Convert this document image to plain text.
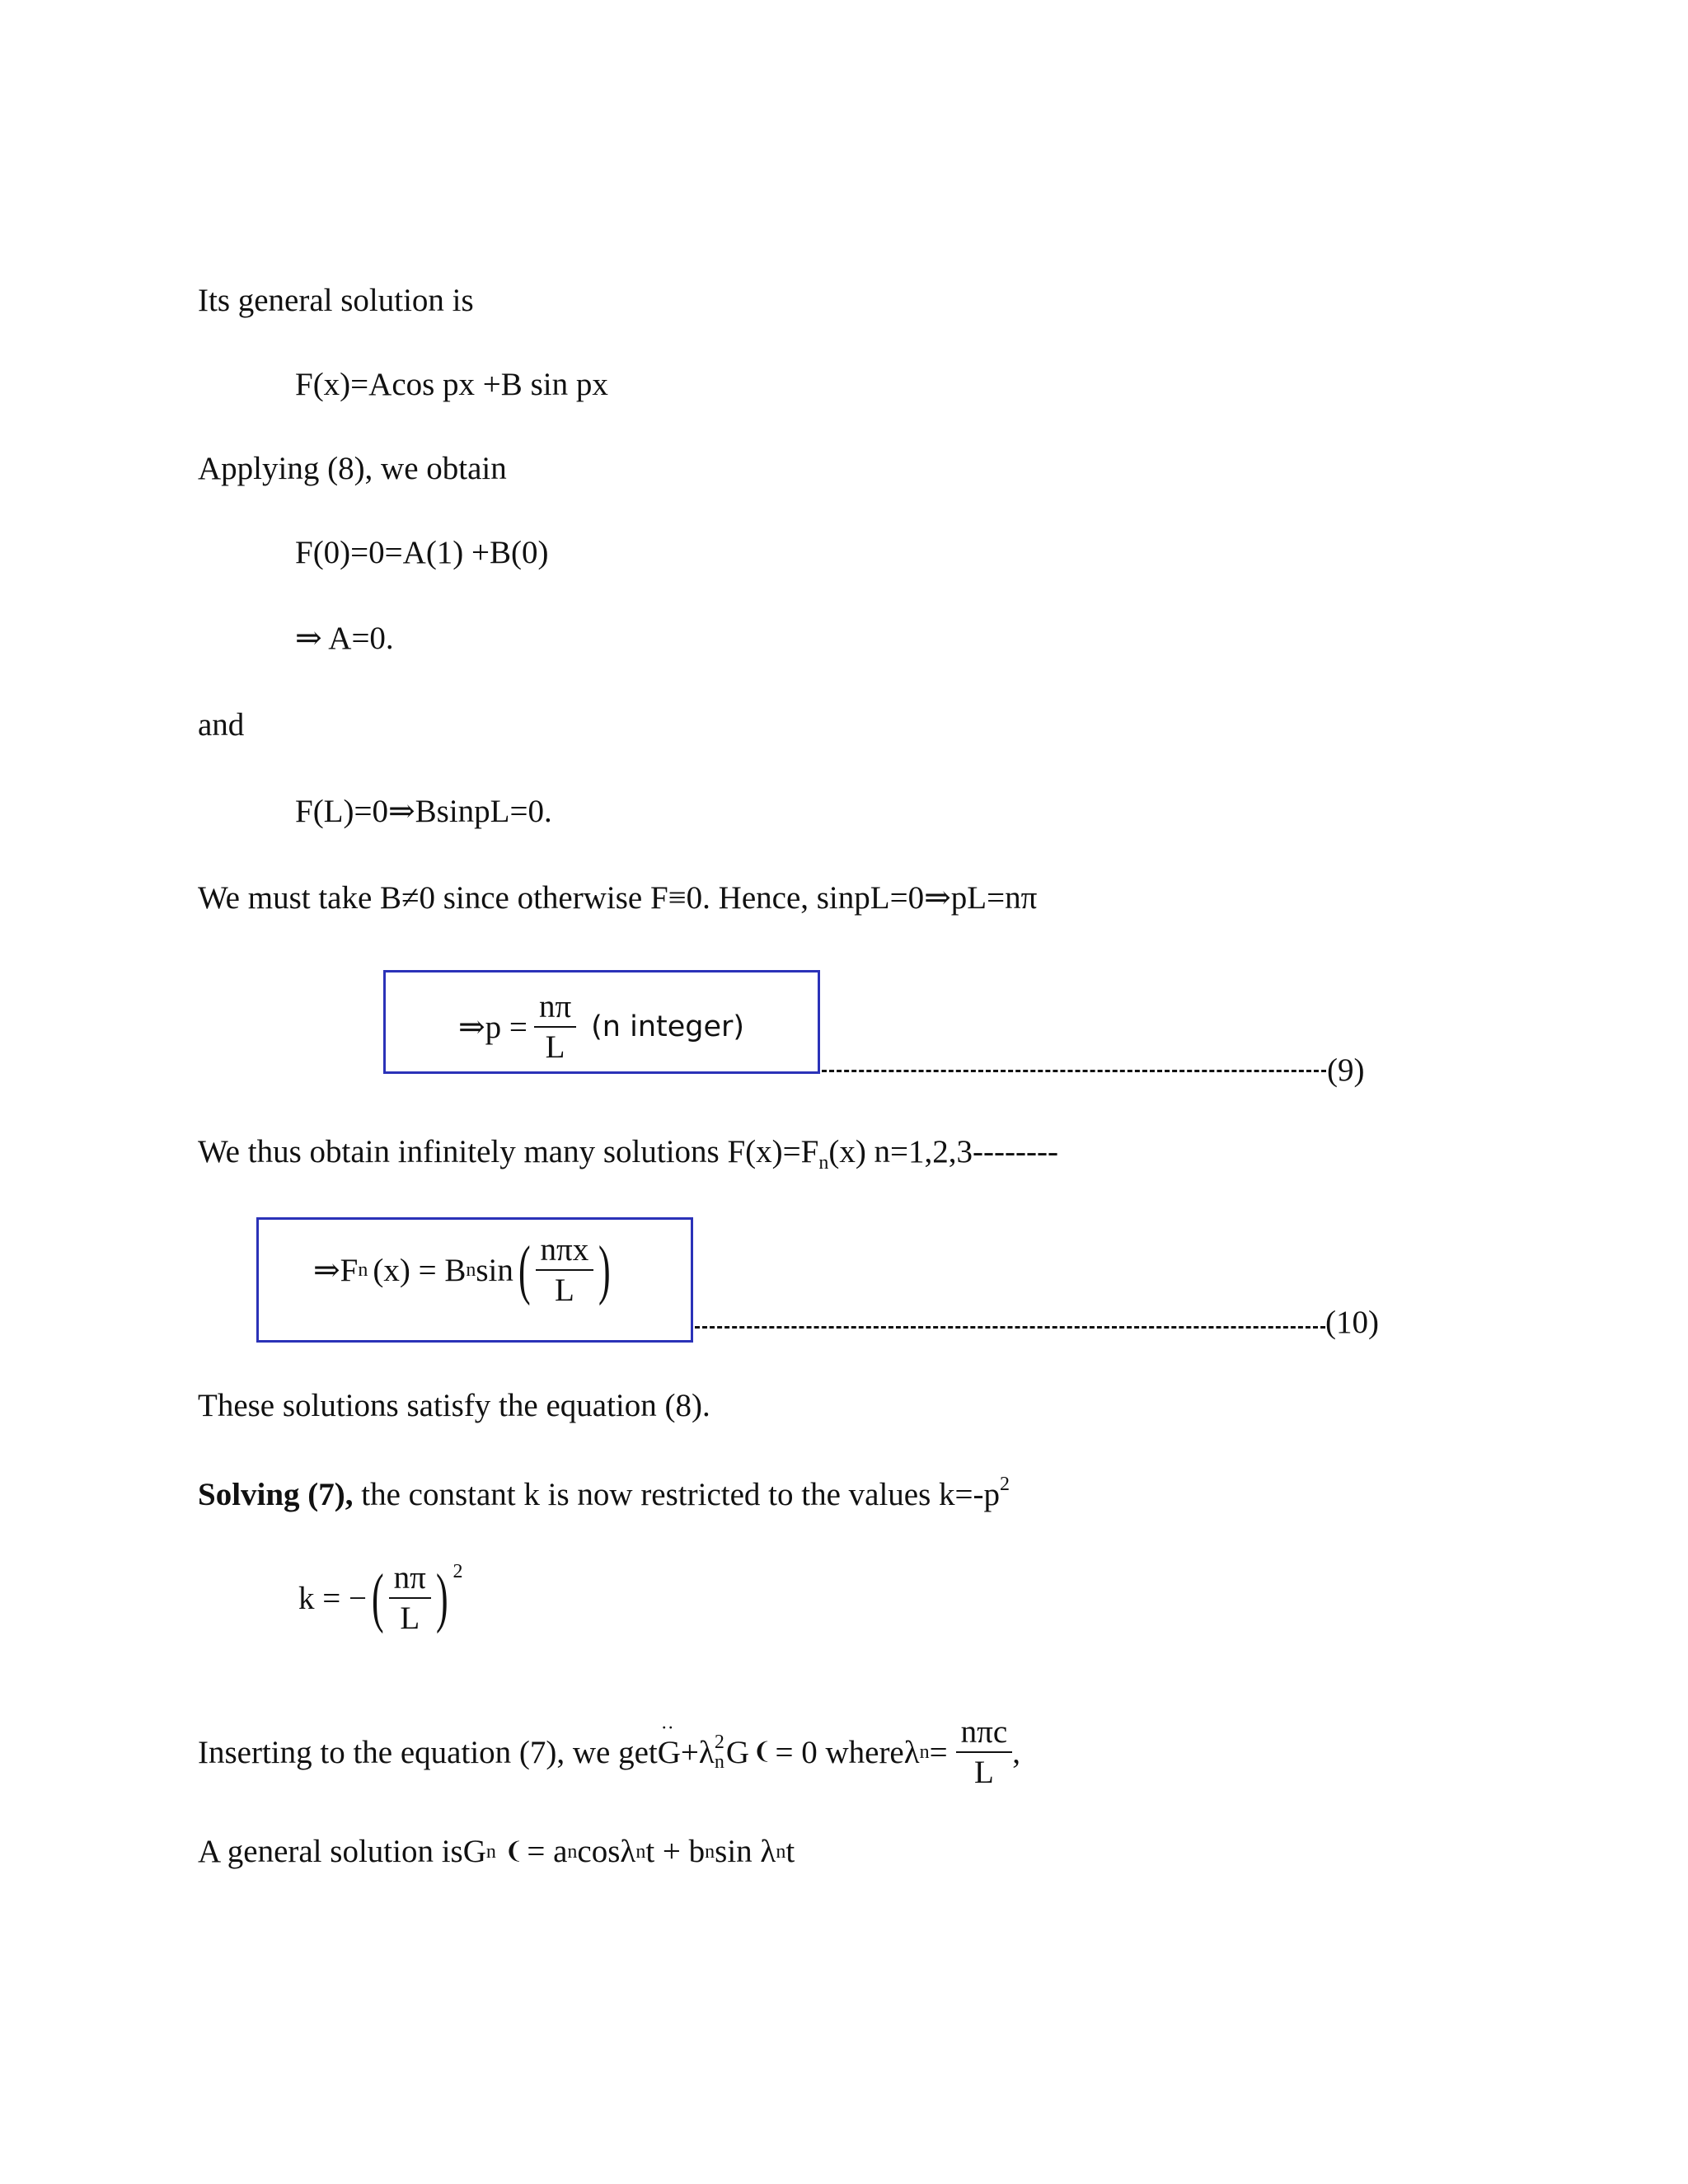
Its general solution is
F(x)=Acos px +B sin px
Applying (8), we obtain
F(0)=0=A(1) +B(0)
⇒ A=0.
and
F(L)=0⇒BsinpL=0.
We must take B≠0 since otherwise F≡0. Hence, sinpL=0⇒pL=nπ
⇒p = $\frac{n\pi}{L} (n$ integer)
(9)
We thus obtain infinitely many solutions $F(x)=F_n(x)$ n=1,2,3--------
⇒F n (x) = B n sin ( $\frac{\text{nπx}}{L}$ )
(10)
These solutions satisfy the equation (8).
Solving (7), the constant k is now restricted to the values $k=-p^2$
k = − ( $\frac{n\pi}{L}$ ) 2
Inserting to the equation (7), we get
··
G +λ 2
n G ❨ = 0 where λ $n = \frac{\text{nπc}}{L}$ ,
A general solution is G n ❨ = a n cosλ n t + b n sin λ n t
